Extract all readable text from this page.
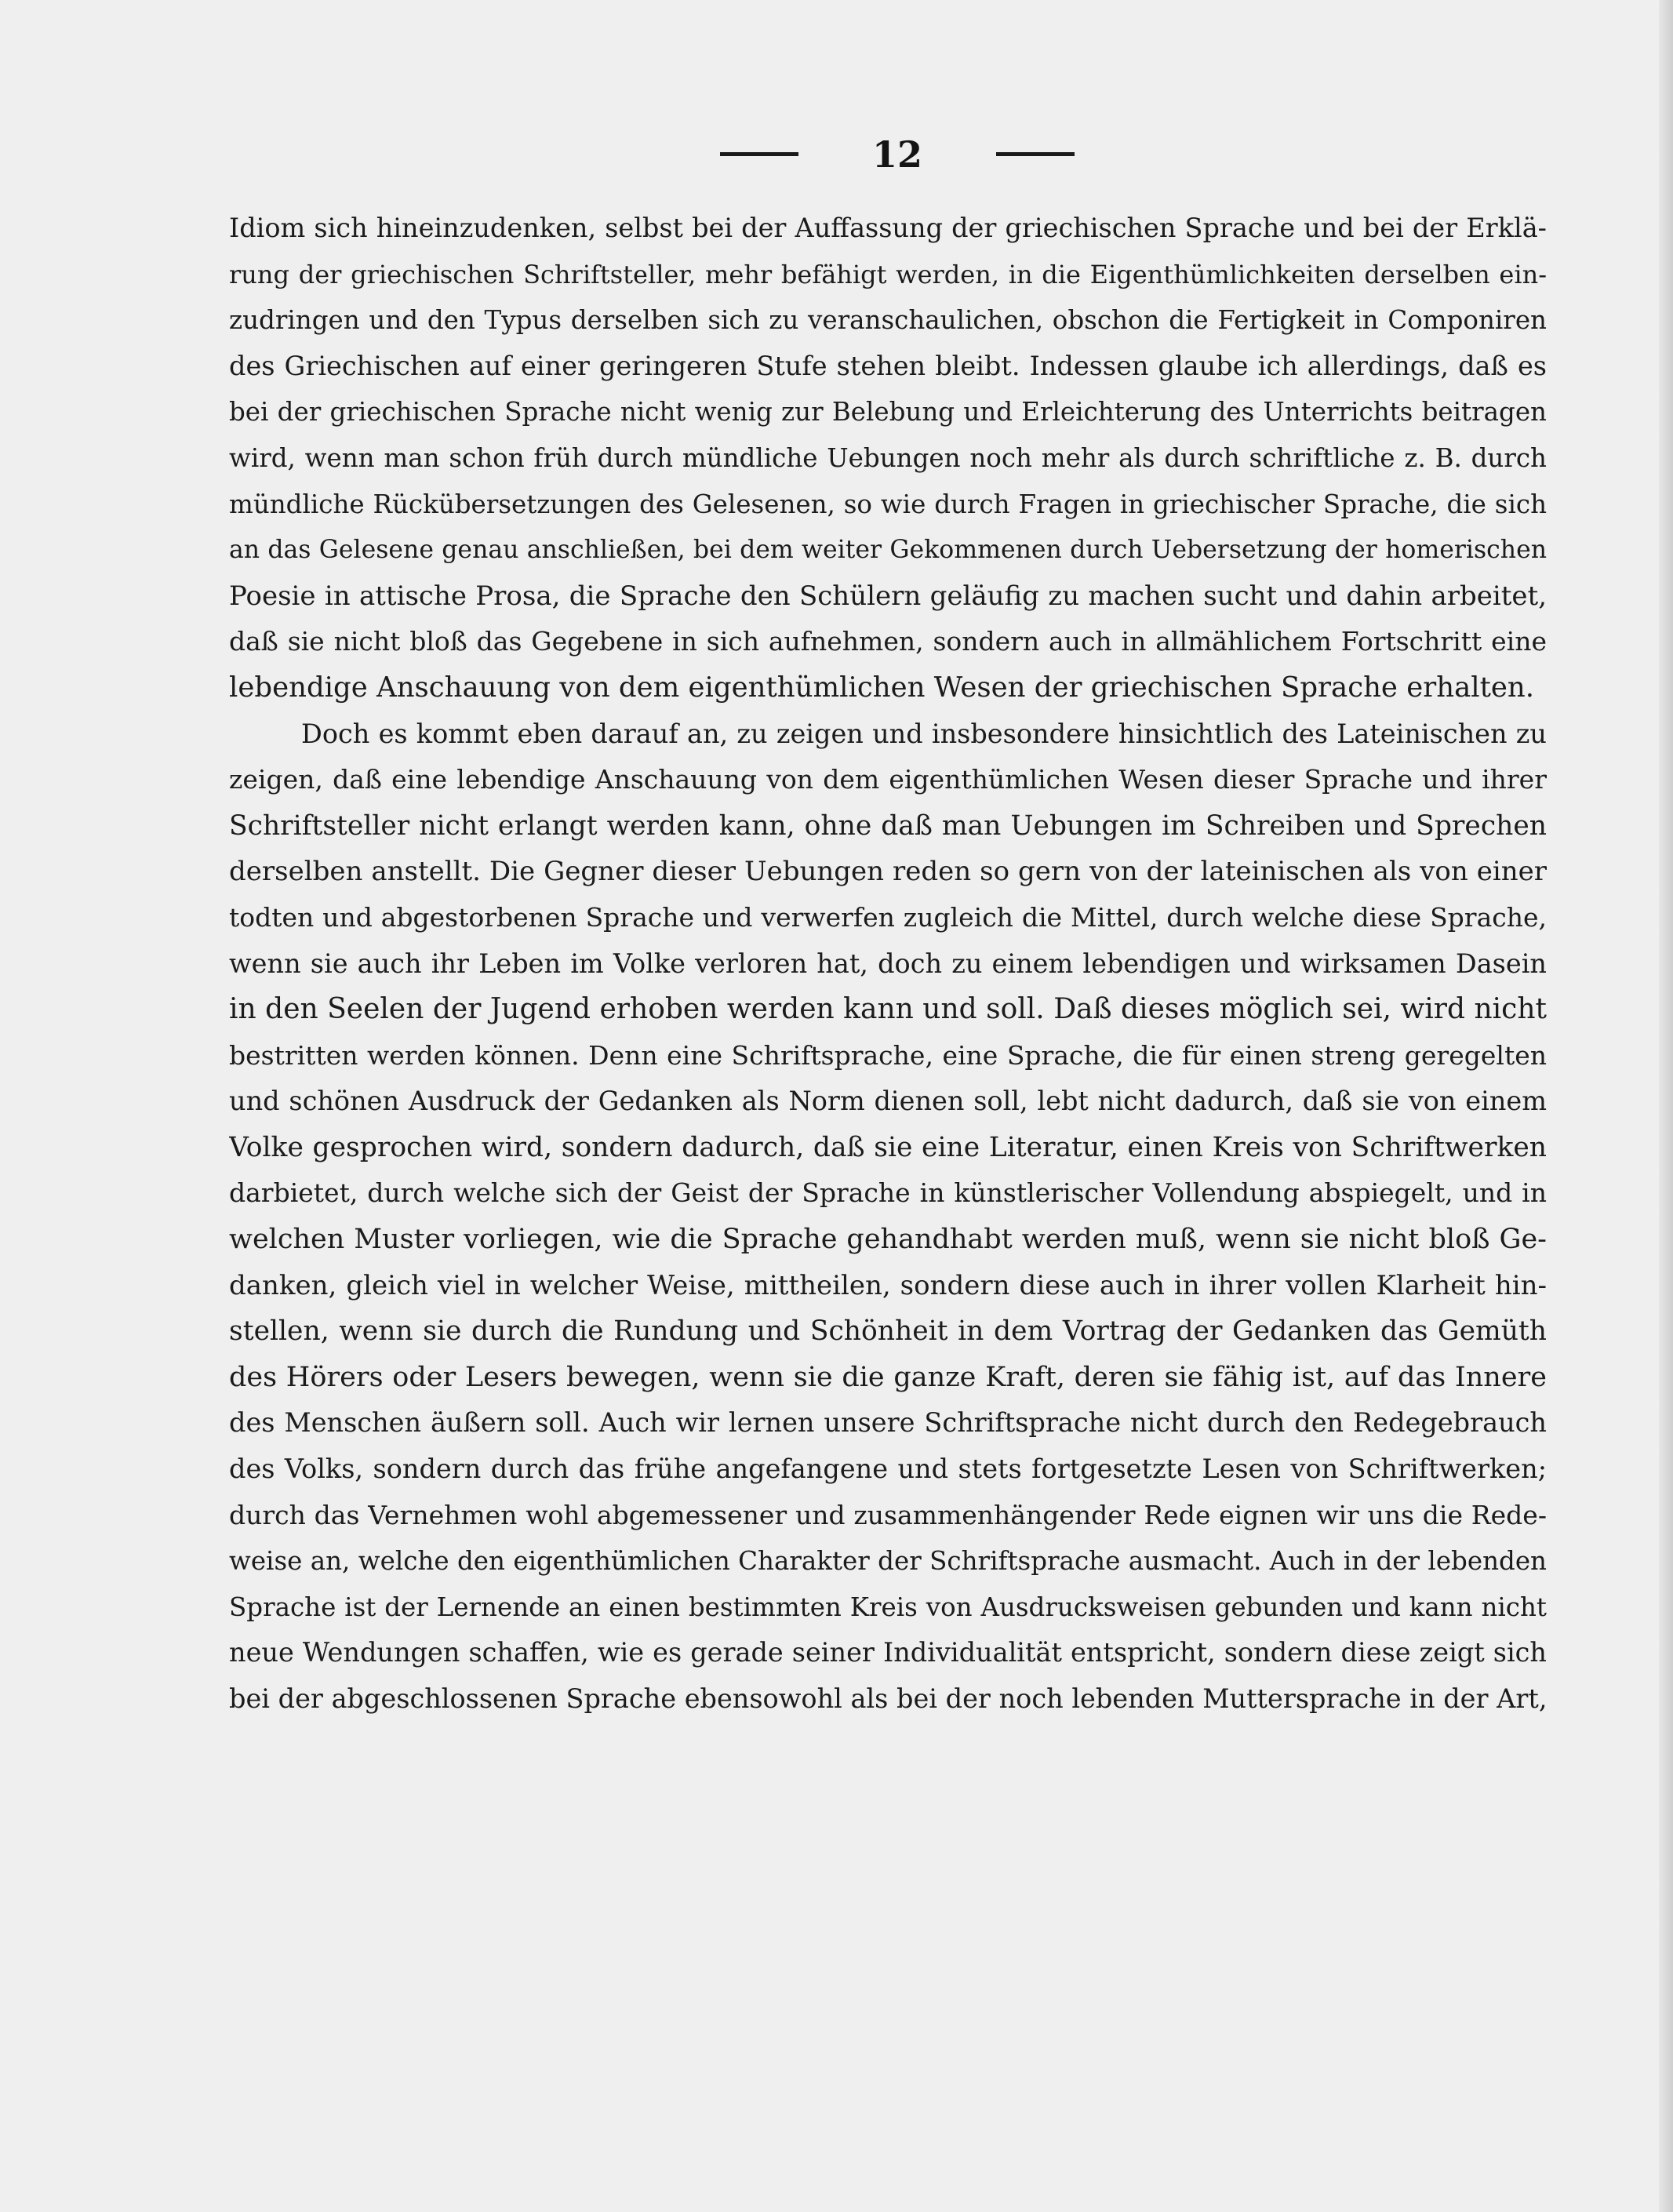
12
Idiom sich hineinzudenken, selbst bei der Auffassung der griechischen Sprache und bei der Erklä-
rung der griechischen Schriftsteller, mehr befähigt werden, in die Eigenthümlichkeiten derselben ein-
zudringen und den Typus derselben sich zu veranschaulichen, obschon die Fertigkeit in Componiren
des Griechischen auf einer geringeren Stufe stehen bleibt. Indessen glaube ich allerdings, daß es
bei der griechischen Sprache nicht wenig zur Belebung und Erleichterung des Unterrichts beitragen
wird, wenn man schon früh durch mündliche Uebungen noch mehr als durch schriftliche z. B. durch
mündliche Rückübersetzungen des Gelesenen, so wie durch Fragen in griechischer Sprache, die sich
an das Gelesene genau anschließen, bei dem weiter Gekommenen durch Uebersetzung der homerischen
Poesie in attische Prosa, die Sprache den Schülern geläufig zu machen sucht und dahin arbeitet,
daß sie nicht bloß das Gegebene in sich aufnehmen, sondern auch in allmählichem Fortschritt eine
lebendige Anschauung von dem eigenthümlichen Wesen der griechischen Sprache erhalten.
Doch es kommt eben darauf an, zu zeigen und insbesondere hinsichtlich des Lateinischen zu
zeigen, daß eine lebendige Anschauung von dem eigenthümlichen Wesen dieser Sprache und ihrer
Schriftsteller nicht erlangt werden kann, ohne daß man Uebungen im Schreiben und Sprechen
derselben anstellt. Die Gegner dieser Uebungen reden so gern von der lateinischen als von einer
todten und abgestorbenen Sprache und verwerfen zugleich die Mittel, durch welche diese Sprache,
wenn sie auch ihr Leben im Volke verloren hat, doch zu einem lebendigen und wirksamen Dasein
in den Seelen der Jugend erhoben werden kann und soll. Daß dieses möglich sei, wird nicht
bestritten werden können. Denn eine Schriftsprache, eine Sprache, die für einen streng geregelten
und schönen Ausdruck der Gedanken als Norm dienen soll, lebt nicht dadurch, daß sie von einem
Volke gesprochen wird, sondern dadurch, daß sie eine Literatur, einen Kreis von Schriftwerken
darbietet, durch welche sich der Geist der Sprache in künstlerischer Vollendung abspiegelt, und in
welchen Muster vorliegen, wie die Sprache gehandhabt werden muß, wenn sie nicht bloß Ge-
danken, gleich viel in welcher Weise, mittheilen, sondern diese auch in ihrer vollen Klarheit hin-
stellen, wenn sie durch die Rundung und Schönheit in dem Vortrag der Gedanken das Gemüth
des Hörers oder Lesers bewegen, wenn sie die ganze Kraft, deren sie fähig ist, auf das Innere
des Menschen äußern soll. Auch wir lernen unsere Schriftsprache nicht durch den Redegebrauch
des Volks, sondern durch das frühe angefangene und stets fortgesetzte Lesen von Schriftwerken;
durch das Vernehmen wohl abgemessener und zusammenhängender Rede eignen wir uns die Rede-
weise an, welche den eigenthümlichen Charakter der Schriftsprache ausmacht. Auch in der lebenden
Sprache ist der Lernende an einen bestimmten Kreis von Ausdrucksweisen gebunden und kann nicht
neue Wendungen schaffen, wie es gerade seiner Individualität entspricht, sondern diese zeigt sich
bei der abgeschlossenen Sprache ebensowohl als bei der noch lebenden Muttersprache in der Art,
